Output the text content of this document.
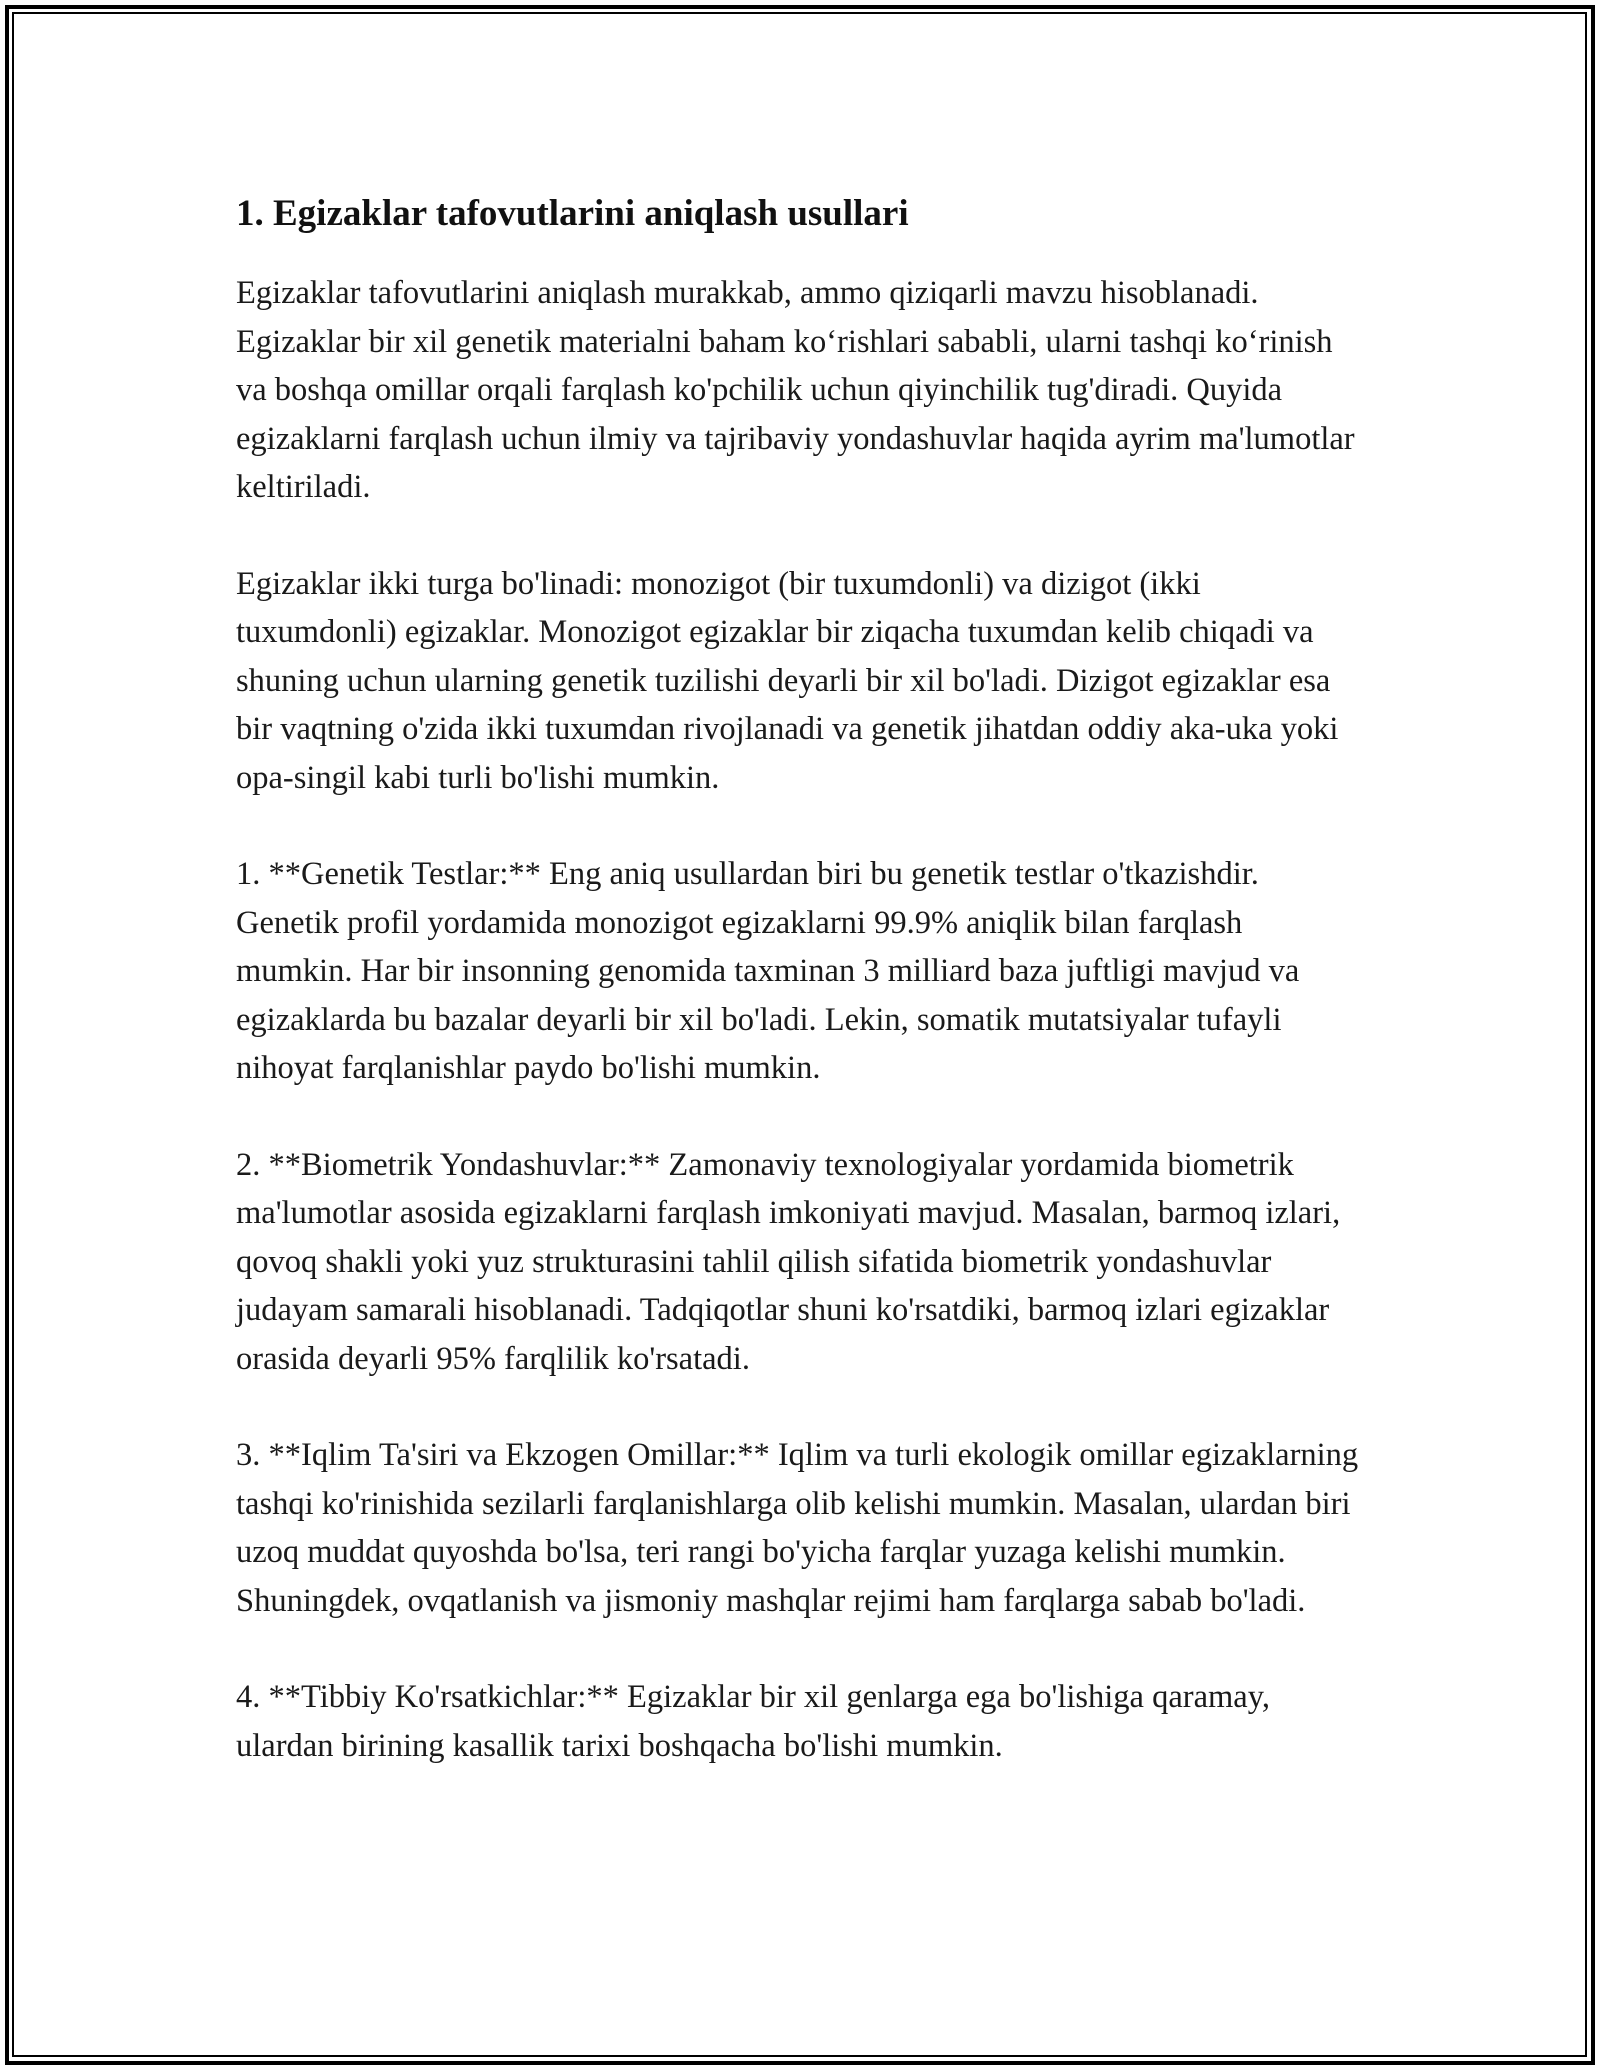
1. Egizaklar tafovutlarini aniqlash usullari

Egizaklar tafovutlarini aniqlash murakkab, ammo qiziqarli mavzu hisoblanadi. Egizaklar bir xil genetik materialni baham ko‘rishlari sababli, ularni tashqi ko‘rinish va boshqa omillar orqali farqlash ko'pchilik uchun qiyinchilik tug'diradi. Quyida egizaklarni farqlash uchun ilmiy va tajribaviy yondashuvlar haqida ayrim ma'lumotlar keltiriladi.

Egizaklar ikki turga bo'linadi: monozigot (bir tuxumdonli) va dizigot (ikki tuxumdonli) egizaklar. Monozigot egizaklar bir ziqacha tuxumdan kelib chiqadi va shuning uchun ularning genetik tuzilishi deyarli bir xil bo'ladi. Dizigot egizaklar esa bir vaqtning o'zida ikki tuxumdan rivojlanadi va genetik jihatdan oddiy aka-uka yoki opa-singil kabi turli bo'lishi mumkin.

1. **Genetik Testlar:** Eng aniq usullardan biri bu genetik testlar o'tkazishdir. Genetik profil yordamida monozigot egizaklarni 99.9% aniqlik bilan farqlash mumkin. Har bir insonning genomida taxminan 3 milliard baza juftligi mavjud va egizaklarda bu bazalar deyarli bir xil bo'ladi. Lekin, somatik mutatsiyalar tufayli nihoyat farqlanishlar paydo bo'lishi mumkin.

2. **Biometrik Yondashuvlar:** Zamonaviy texnologiyalar yordamida biometrik ma'lumotlar asosida egizaklarni farqlash imkoniyati mavjud. Masalan, barmoq izlari, qovoq shakli yoki yuz strukturasini tahlil qilish sifatida biometrik yondashuvlar judayam samarali hisoblanadi. Tadqiqotlar shuni ko'rsatdiki, barmoq izlari egizaklar orasida deyarli 95% farqlilik ko'rsatadi.

3. **Iqlim Ta'siri va Ekzogen Omillar:** Iqlim va turli ekologik omillar egizaklarning tashqi ko'rinishida sezilarli farqlanishlarga olib kelishi mumkin. Masalan, ulardan biri uzoq muddat quyoshda bo'lsa, teri rangi bo'yicha farqlar yuzaga kelishi mumkin. Shuningdek, ovqatlanish va jismoniy mashqlar rejimi ham farqlarga sabab bo'ladi.

4. **Tibbiy Ko'rsatkichlar:** Egizaklar bir xil genlarga ega bo'lishiga qaramay, ulardan birining kasallik tarixi boshqacha bo'lishi mumkin.
